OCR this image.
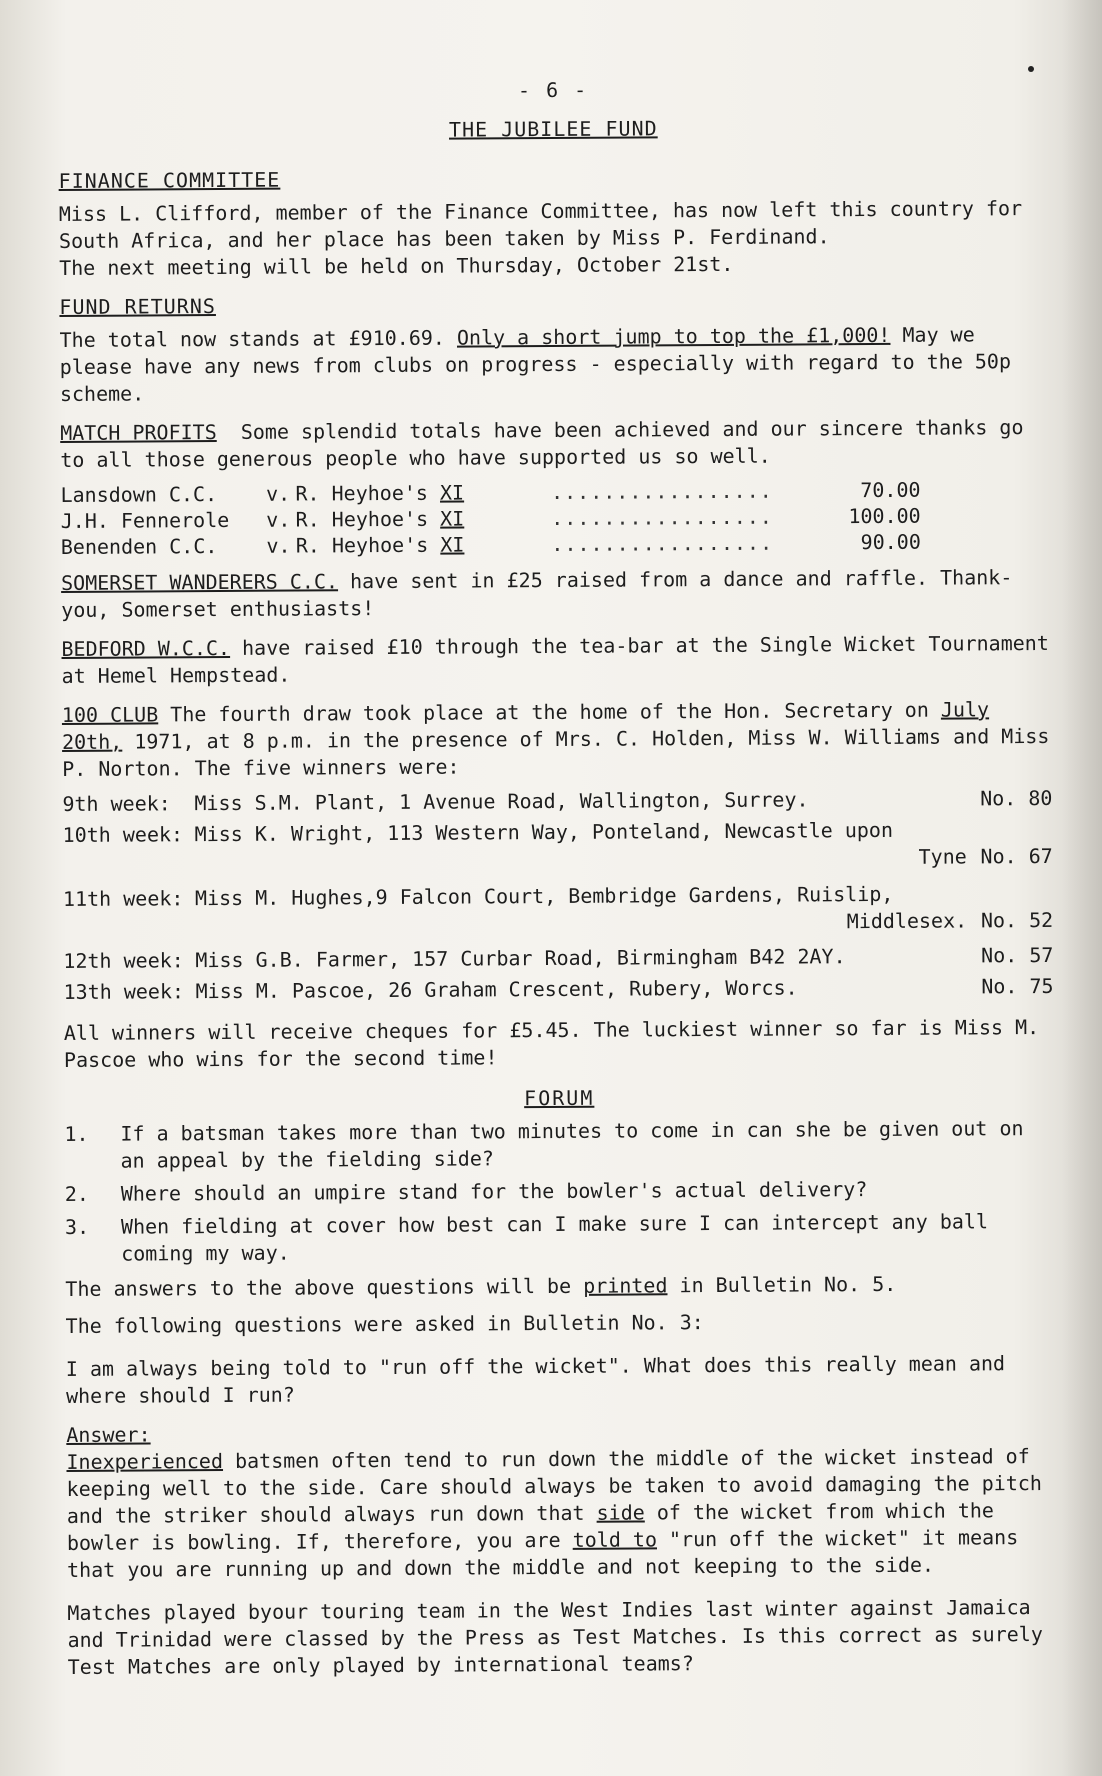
- 6 -
THE JUBILEE FUND
FINANCE COMMITTEE

Miss L. Clifford, member of the Finance Committee, has now left this country for South Africa, and her place has been taken by Miss P. Ferdinand.

The next meeting will be held on Thursday, October 21st.

FUND RETURNS

The total now stands at £910.69. Only a short jump to top the £1,000! May we please have any news from clubs on progress - especially with regard to the 50p scheme.

MATCH PROFITS Some splendid totals have been achieved and our sincere thanks go to all those generous people who have supported us so well.

Lansdown C.C.	v.	R. Heyhoe's XI	.................	70.00
J.H. Fennerole	v.	R. Heyhoe's XI	.................	100.00
Benenden C.C.	v.	R. Heyhoe's XI	.................	90.00

SOMERSET WANDERERS C.C. have sent in £25 raised from a dance and raffle. Thank-you, Somerset enthusiasts!

BEDFORD W.C.C. have raised £10 through the tea-bar at the Single Wicket Tournament at Hemel Hempstead.

100 CLUB The fourth draw took place at the home of the Hon. Secretary on July 20th, 1971, at 8 p.m. in the presence of Mrs. C. Holden, Miss W. Williams and Miss P. Norton. The five winners were:

9th week:	Miss S.M. Plant, 1 Avenue Road, Wallington, Surrey.	No. 80
10th week: Miss K. Wright, 113 Western Way, Ponteland, Newcastle upon
Tyne No. 67
11th week: Miss M. Hughes,9 Falcon Court, Bembridge Gardens, Ruislip,
Middlesex. No. 52
12th week: Miss G.B. Farmer, 157 Curbar Road, Birmingham B42 2AY.	No. 57
13th week: Miss M. Pascoe, 26 Graham Crescent, Rubery, Worcs.	No. 75

All winners will receive cheques for £5.45. The luckiest winner so far is Miss M. Pascoe who wins for the second time!

FORUM
1.	If a batsman takes more than two minutes to come in can she be given out on an appeal by the fielding side?
2.	Where should an umpire stand for the bowler's actual delivery?
3.	When fielding at cover how best can I make sure I can intercept any ball coming my way.

The answers to the above questions will be printed in Bulletin No. 5.

The following questions were asked in Bulletin No. 3:

I am always being told to "run off the wicket". What does this really mean and where should I run?

Answer:

Inexperienced batsmen often tend to run down the middle of the wicket instead of keeping well to the side. Care should always be taken to avoid damaging the pitch and the striker should always run down that side of the wicket from which the bowler is bowling. If, therefore, you are told to "run off the wicket" it means that you are running up and down the middle and not keeping to the side.

Matches played byour touring team in the West Indies last winter against Jamaica and Trinidad were classed by the Press as Test Matches. Is this correct as surely Test Matches are only played by international teams?
